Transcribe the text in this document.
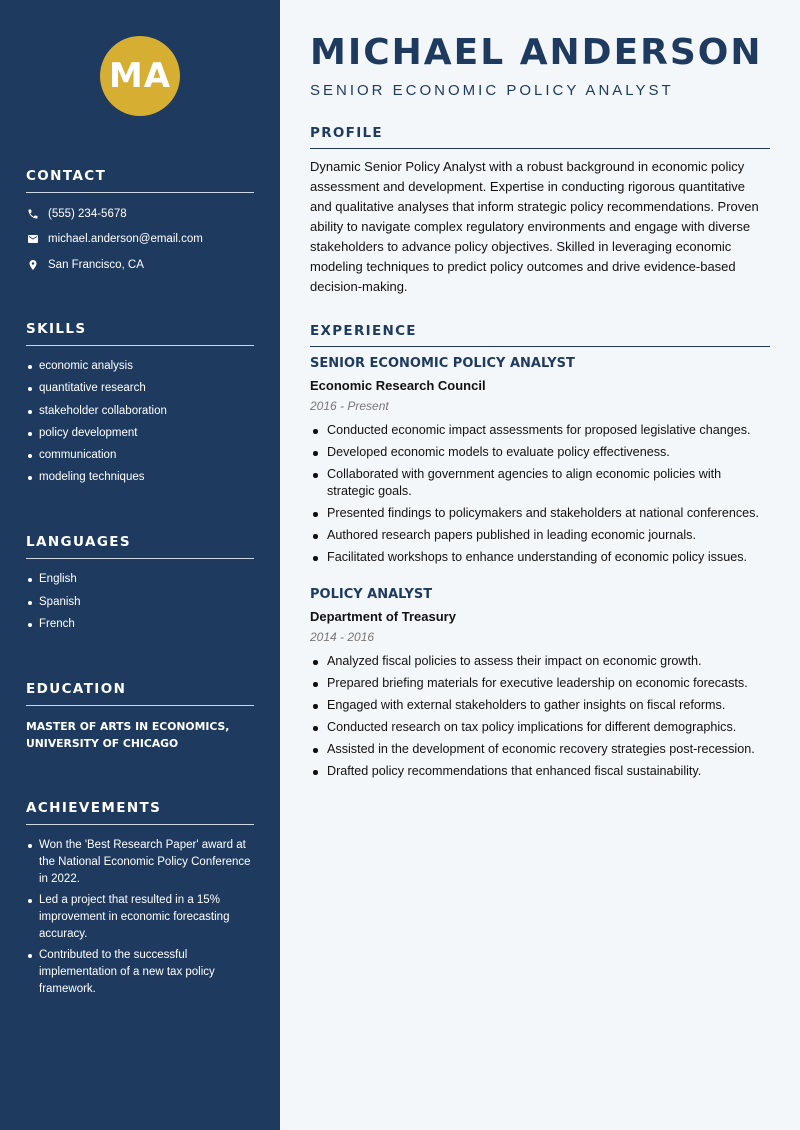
MA
CONTACT
(555) 234-5678
michael.anderson@email.com
San Francisco, CA
SKILLS
economic analysis
quantitative research
stakeholder collaboration
policy development
communication
modeling techniques
LANGUAGES
English
Spanish
French
EDUCATION
MASTER OF ARTS IN ECONOMICS, UNIVERSITY OF CHICAGO
ACHIEVEMENTS
Won the 'Best Research Paper' award at the National Economic Policy Conference in 2022.
Led a project that resulted in a 15% improvement in economic forecasting accuracy.
Contributed to the successful implementation of a new tax policy framework.
MICHAEL ANDERSON
SENIOR ECONOMIC POLICY ANALYST
PROFILE

Dynamic Senior Policy Analyst with a robust background in economic policy assessment and development. Expertise in conducting rigorous quantitative and qualitative analyses that inform strategic policy recommendations. Proven ability to navigate complex regulatory environments and engage with diverse stakeholders to advance policy objectives. Skilled in leveraging economic modeling techniques to predict policy outcomes and drive evidence-based decision-making.

EXPERIENCE
SENIOR ECONOMIC POLICY ANALYST
Economic Research Council
2016 - Present
Conducted economic impact assessments for proposed legislative changes.
Developed economic models to evaluate policy effectiveness.
Collaborated with government agencies to align economic policies with strategic goals.
Presented findings to policymakers and stakeholders at national conferences.
Authored research papers published in leading economic journals.
Facilitated workshops to enhance understanding of economic policy issues.
POLICY ANALYST
Department of Treasury
2014 - 2016
Analyzed fiscal policies to assess their impact on economic growth.
Prepared briefing materials for executive leadership on economic forecasts.
Engaged with external stakeholders to gather insights on fiscal reforms.
Conducted research on tax policy implications for different demographics.
Assisted in the development of economic recovery strategies post-recession.
Drafted policy recommendations that enhanced fiscal sustainability.
